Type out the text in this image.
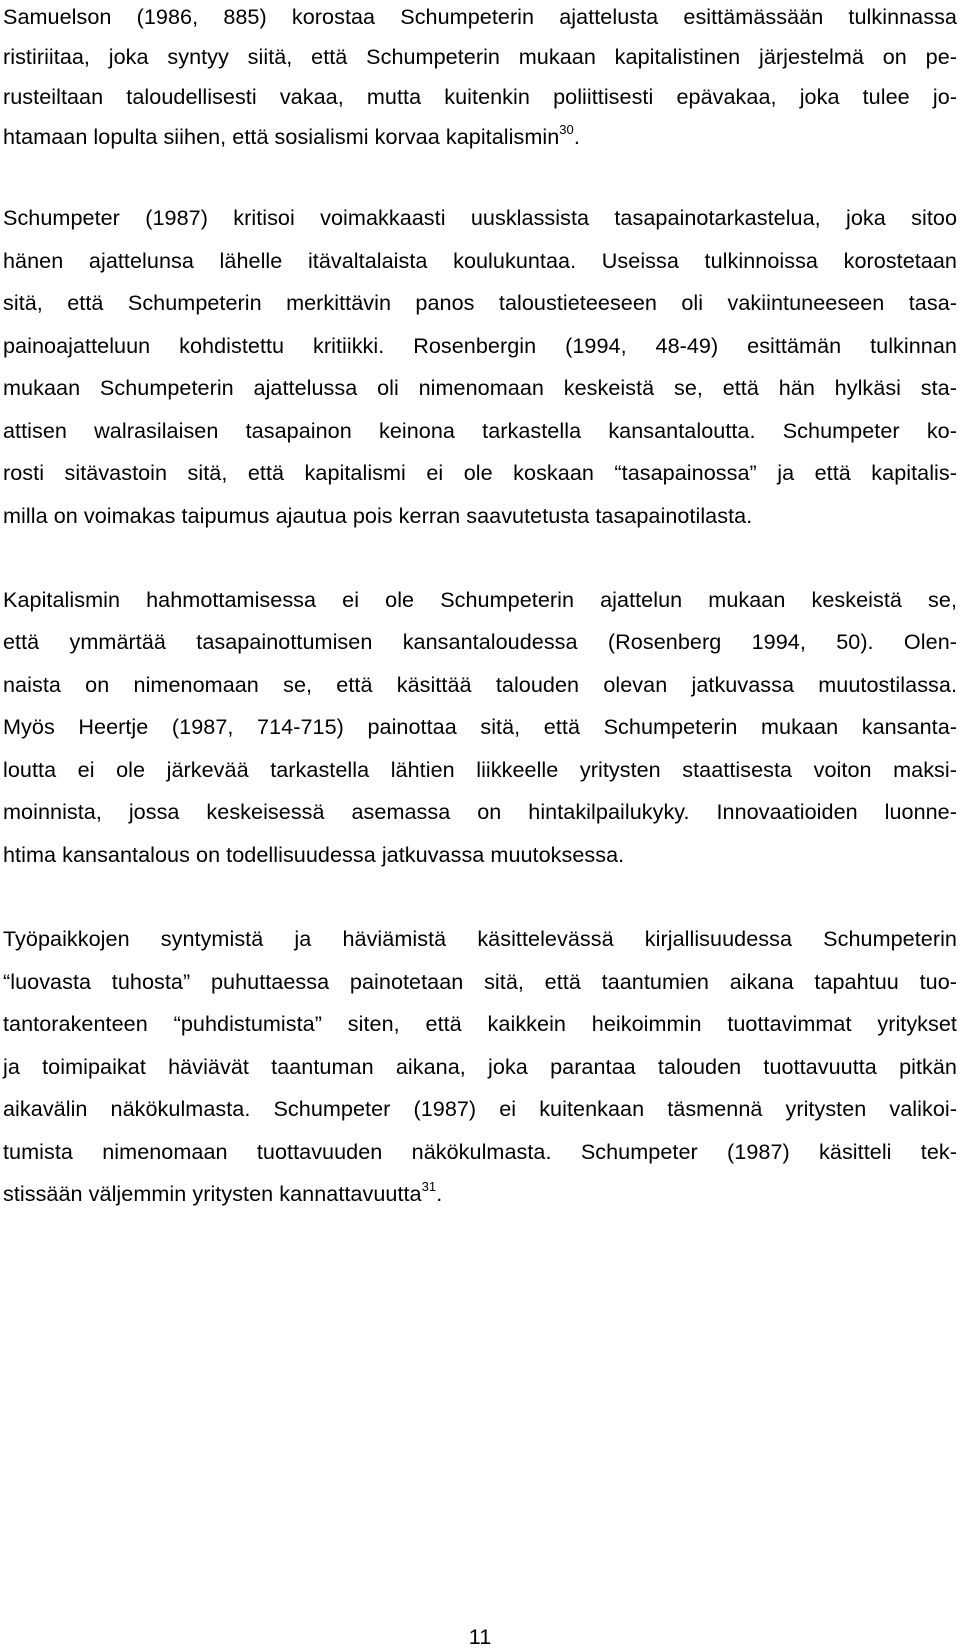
Samuelson (1986, 885) korostaa Schumpeterin ajattelusta esittämässään tulkinnassa
ristiriitaa, joka syntyy siitä, että Schumpeterin mukaan kapitalistinen järjestelmä on pe-
rusteiltaan taloudellisesti vakaa, mutta kuitenkin poliittisesti epävakaa, joka tulee jo-
htamaan lopulta siihen, että sosialismi korvaa kapitalismin$^{30}$.
Schumpeter (1987) kritisoi voimakkaasti uusklassista tasapainotarkastelua, joka sitoo
hänen ajattelunsa lähelle itävaltalaista koulukuntaa. Useissa tulkinnoissa korostetaan
sitä, että Schumpeterin merkittävin panos taloustieteeseen oli vakiintuneeseen tasa-
painoajatteluun kohdistettu kritiikki. Rosenbergin (1994, 48-49) esittämän tulkinnan
mukaan Schumpeterin ajattelussa oli nimenomaan keskeistä se, että hän hylkäsi sta-
attisen walrasilaisen tasapainon keinona tarkastella kansantaloutta. Schumpeter ko-
rosti sitävastoin sitä, että kapitalismi ei ole koskaan “tasapainossa” ja että kapitalis-
milla on voimakas taipumus ajautua pois kerran saavutetusta tasapainotilasta.
Kapitalismin hahmottamisessa ei ole Schumpeterin ajattelun mukaan keskeistä se,
että ymmärtää tasapainottumisen kansantaloudessa (Rosenberg 1994, 50). Olen-
naista on nimenomaan se, että käsittää talouden olevan jatkuvassa muutostilassa.
Myös Heertje (1987, 714-715) painottaa sitä, että Schumpeterin mukaan kansanta-
loutta ei ole järkevää tarkastella lähtien liikkeelle yritysten staattisesta voiton maksi-
moinnista, jossa keskeisessä asemassa on hintakilpailukyky. Innovaatioiden luonne-
htima kansantalous on todellisuudessa jatkuvassa muutoksessa.
Työpaikkojen syntymistä ja häviämistä käsittelevässä kirjallisuudessa Schumpeterin
“luovasta tuhosta” puhuttaessa painotetaan sitä, että taantumien aikana tapahtuu tuo-
tantorakenteen “puhdistumista” siten, että kaikkein heikoimmin tuottavimmat yritykset
ja toimipaikat häviävät taantuman aikana, joka parantaa talouden tuottavuutta pitkän
aikavälin näkökulmasta. Schumpeter (1987) ei kuitenkaan täsmennä yritysten valikoi-
tumista nimenomaan tuottavuuden näkökulmasta. Schumpeter (1987) käsitteli tek-
stissään väljemmin yritysten kannattavuutta$^{31}$.
11
